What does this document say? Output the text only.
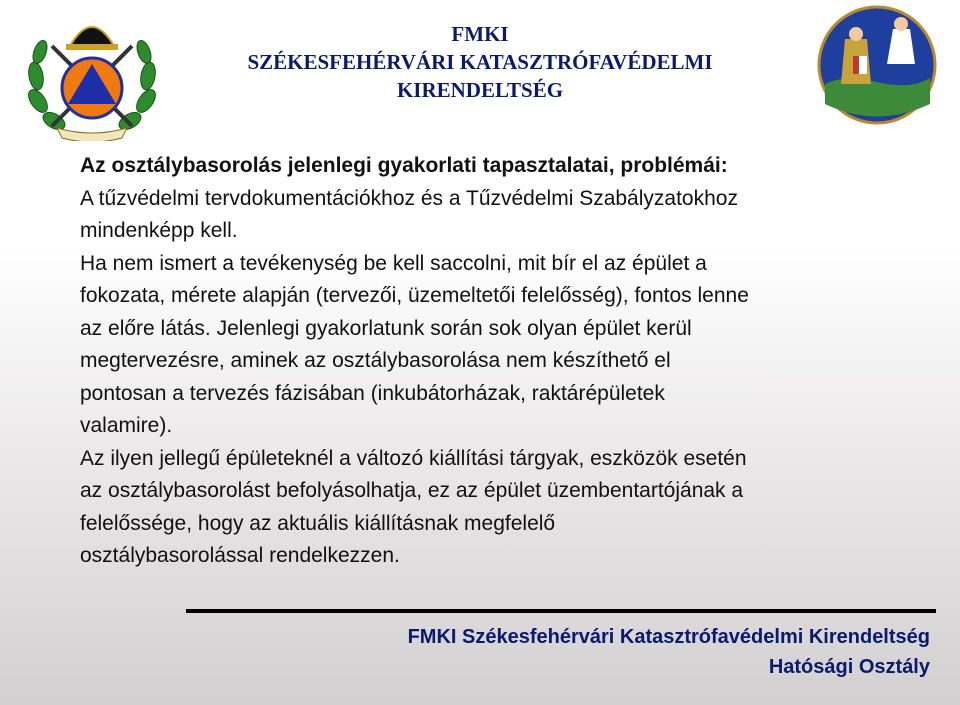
FMKI
SZÉKESFEHÉRVÁRI KATASZTRÓFAVÉDELMI
KIRENDELTSÉG
Az osztálybasorolás jelenlegi gyakorlati tapasztalatai, problémái:
A tűzvédelmi tervdokumentációkhoz és a Tűzvédelmi Szabályzatokhoz
mindenképp kell.
Ha nem ismert a tevékenység be kell saccolni, mit bír el az épület a
fokozata, mérete alapján (tervezői, üzemeltetői felelősség), fontos lenne
az előre látás. Jelenlegi gyakorlatunk során sok olyan épület kerül
megtervezésre, aminek az osztálybasorolása nem készíthető el
pontosan a tervezés fázisában (inkubátorházak, raktárépületek
valamire).
Az ilyen jellegű épületeknél a változó kiállítási tárgyak, eszközök esetén
az osztálybasorolást befolyásolhatja, ez az épület üzembentartójának a
felelőssége, hogy az aktuális kiállításnak megfelelő
osztálybasorolással rendelkezzen.
FMKI Székesfehérvári Katasztrófavédelmi Kirendeltség
Hatósági Osztály
